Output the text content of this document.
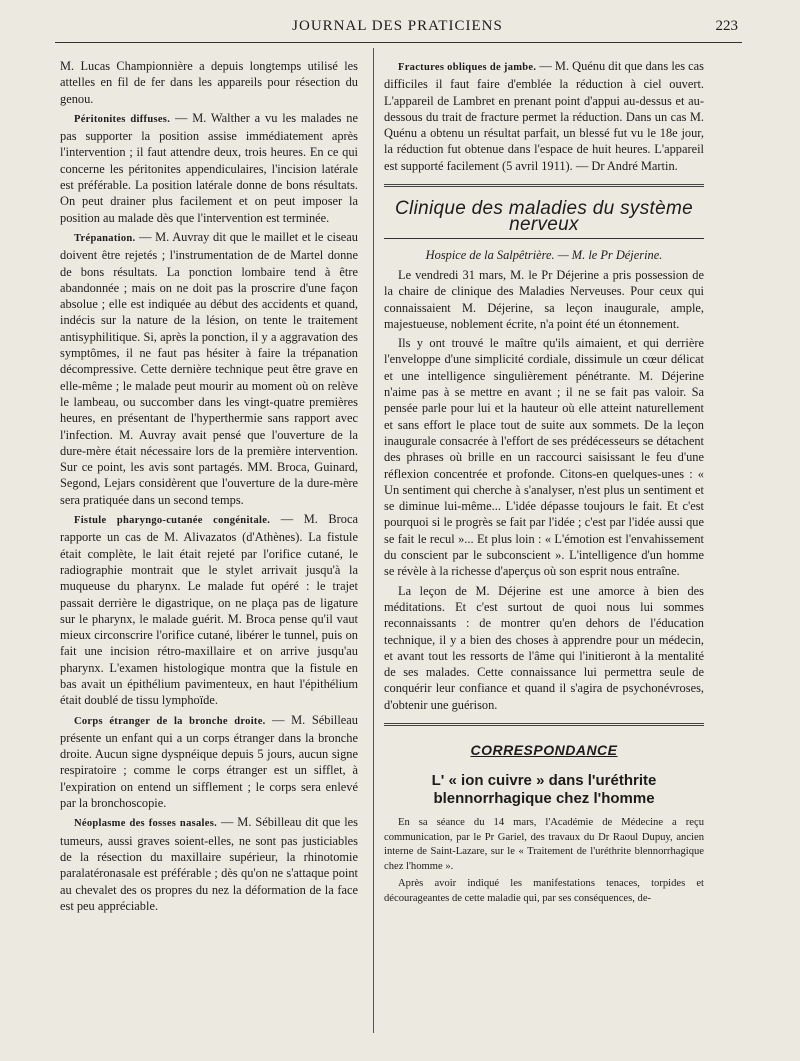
JOURNAL DES PRATICIENS	223

M. Lucas Championnière a depuis longtemps utilisé les attelles en fil de fer dans les appareils pour résection du genou.

Péritonites diffuses. — M. Walther a vu les malades ne pas supporter la position assise immédiatement après l'intervention ; il faut attendre deux, trois heures. En ce qui concerne les péritonites appendiculaires, l'incision latérale est préférable. La position latérale donne de bons résultats. On peut drainer plus facilement et on peut imposer la position au malade dès que l'intervention est terminée.

Trépanation. — M. Auvray dit que le maillet et le ciseau doivent être rejetés ; l'instrumentation de de Martel donne de bons résultats. La ponction lombaire tend à être abandonnée ; mais on ne doit pas la proscrire d'une façon absolue ; elle est indiquée au début des accidents et quand, indécis sur la nature de la lésion, on tente le traitement antisyphilitique. Si, après la ponction, il y a aggravation des symptômes, il ne faut pas hésiter à faire la trépanation décompressive. Cette dernière technique peut être grave en elle-même ; le malade peut mourir au moment où on relève le lambeau, ou succomber dans les vingt-quatre premières heures, en présentant de l'hyperthermie sans rapport avec l'infection. M. Auvray avait pensé que l'ouverture de la dure-mère était nécessaire lors de la première intervention. Sur ce point, les avis sont partagés. MM. Broca, Guinard, Segond, Lejars considèrent que l'ouverture de la dure-mère sera pratiquée dans un second temps.

Fistule pharyngo-cutanée congénitale. — M. Broca rapporte un cas de M. Alivazatos (d'Athènes). La fistule était complète, le lait était rejeté par l'orifice cutané, le radiographie montrait que le stylet arrivait jusqu'à la muqueuse du pharynx. Le malade fut opéré : le trajet passait derrière le digastrique, on ne plaça pas de ligature sur le pharynx, le malade guérit. M. Broca pense qu'il vaut mieux circonscrire l'orifice cutané, libérer le tunnel, puis on fait une incision rétro-maxillaire et on arrive jusqu'au pharynx. L'examen histologique montra que la fistule en bas avait un épithélium pavimenteux, en haut l'épithélium était doublé de tissu lymphoïde.

Corps étranger de la bronche droite. — M. Sébilleau présente un enfant qui a un corps étranger dans la bronche droite. Aucun signe dyspnéique depuis 5 jours, aucun signe respiratoire ; comme le corps étranger est un sifflet, à l'expiration on entend un sifflement ; le corps sera enlevé par la bronchoscopie.

Néoplasme des fosses nasales. — M. Sébilleau dit que les tumeurs, aussi graves soient-elles, ne sont pas justiciables de la résection du maxillaire supérieur, la rhinotomie paralatéronasale est préférable ; dès qu'on ne s'attaque point au chevalet des os propres du nez la déformation de la face est peu appréciable.

Fractures obliques de jambe. — M. Quénu dit que dans les cas difficiles il faut faire d'emblée la réduction à ciel ouvert. L'appareil de Lambret en prenant point d'appui au-dessus et au-dessous du trait de fracture permet la réduction. Dans un cas M. Quénu a obtenu un résultat parfait, un blessé fut vu le 18e jour, la réduction fut obtenue dans l'espace de huit heures. L'appareil est supporté facilement (5 avril 1911). — Dr André Martin.

Clinique des maladies du système nerveux
Hospice de la Salpêtrière. — M. le Pr Déjerine.

Le vendredi 31 mars, M. le Pr Déjerine a pris possession de la chaire de clinique des Maladies Nerveuses. Pour ceux qui connaissaient M. Déjerine, sa leçon inaugurale, ample, majestueuse, noblement écrite, n'a point été un étonnement.

Ils y ont trouvé le maître qu'ils aimaient, et qui derrière l'enveloppe d'une simplicité cordiale, dissimule un cœur délicat et une intelligence singulièrement pénétrante. M. Déjerine n'aime pas à se mettre en avant ; il ne se fait pas valoir. Sa pensée parle pour lui et la hauteur où elle atteint naturellement et sans effort le place tout de suite aux sommets. De la leçon inaugurale consacrée à l'effort de ses prédécesseurs se détachent des phrases où brille en un raccourci saisissant le feu d'une réflexion concentrée et profonde. Citons-en quelques-unes : « Un sentiment qui cherche à s'analyser, n'est plus un sentiment et se diminue lui-même... L'idée dépasse toujours le fait. Et c'est pourquoi si le progrès se fait par l'idée ; c'est par l'idée aussi que se fait le recul »... Et plus loin : « L'émotion est l'envahissement du conscient par le subconscient ». L'intelligence d'un homme se révèle à la richesse d'aperçus où son esprit nous entraîne.

La leçon de M. Déjerine est une amorce à bien des méditations. Et c'est surtout de quoi nous lui sommes reconnaissants : de montrer qu'en dehors de l'éducation technique, il y a bien des choses à apprendre pour un médecin, et avant tout les ressorts de l'âme qui l'initieront à la mentalité de ses malades. Cette connaissance lui permettra seule de conquérir leur confiance et quand il s'agira de psychonévroses, d'obtenir une guérison.

CORRESPONDANCE
L' « ion cuivre » dans l'uréthrite blennorrhagique chez l'homme

En sa séance du 14 mars, l'Académie de Médecine a reçu communication, par le Pr Gariel, des travaux du Dr Raoul Dupuy, ancien interne de Saint-Lazare, sur le « Traitement de l'uréthrite blennorrhagique chez l'homme ».

Après avoir indiqué les manifestations tenaces, torpides et décourageantes de cette maladie qui, par ses conséquences, de-
